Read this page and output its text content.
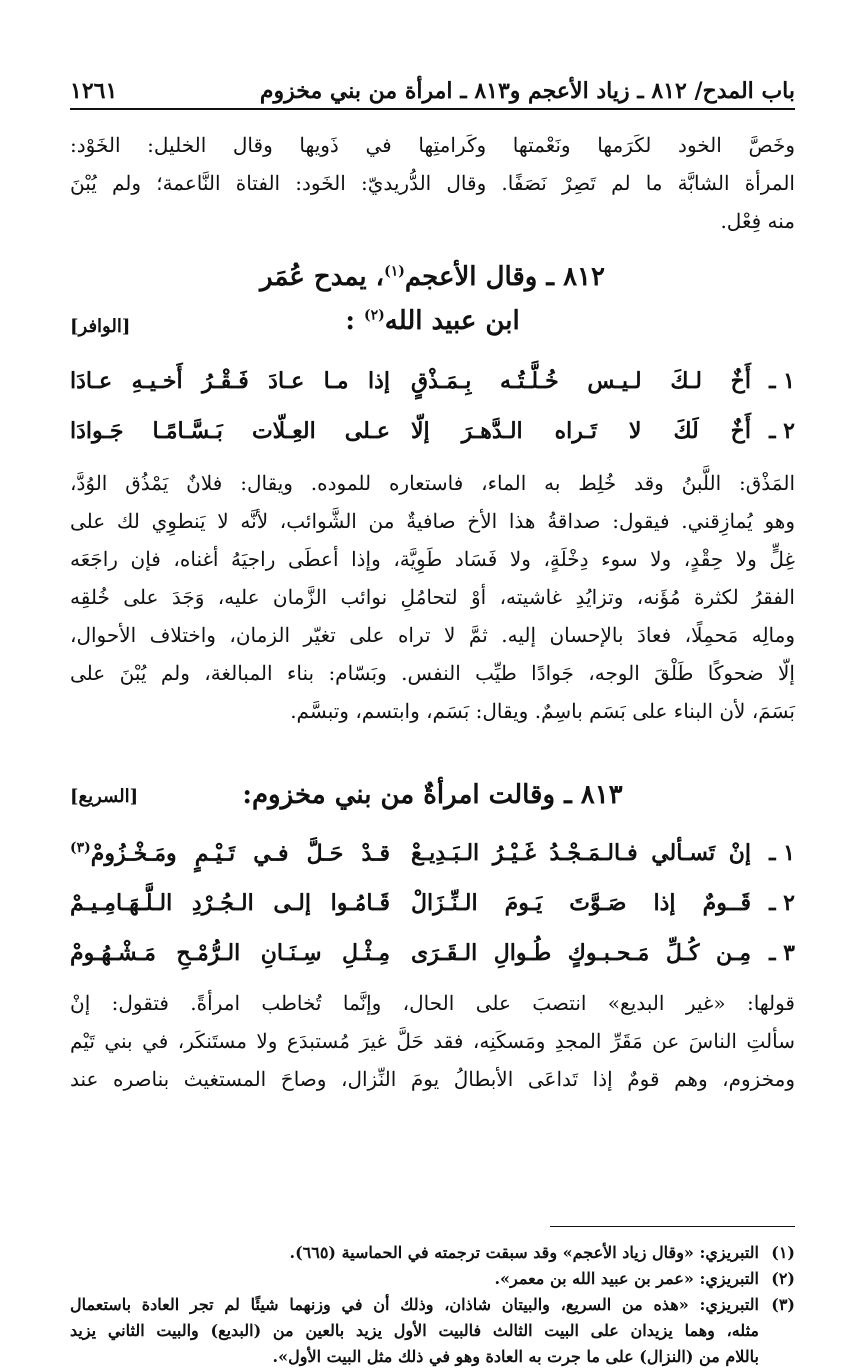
باب المدح/ ٨١٢ ـ زياد الأعجم و٨١٣ ـ امرأة من بني مخزوم
١٢٦١
وخَصَّ الخود لكَرَمها ونَعْمتها وكَرامتِها في ذَويها وقال الخليل: الخَوْد:
المرأة الشابَّة ما لم تَصِرْ نَصَفًا. وقال الدُّريديّ: الخَود: الفتاة النَّاعمة؛ ولم يُبْنَ
منه فِعْل.
٨١٢ ـ وقال الأعجم$^{(١)}$، يمدح عُمَر
ابن عبيد الله$^{(٢)}$ :
[الوافر]
١ ـ
أَخٌ لـكَ لـيـس خُـلَّـتُـه بِـمَـذْقٍ
إذا مـا عـادَ فَـقْـرُ أَخـيـهِ عـادَا
٢ ـ
أَخٌ لَكَ لا تَـراه الـدَّهـرَ إلّا
عـلى العِـلّات بَـسَّـامًـا جَـوادَا
المَذْق: اللَّبنُ وقد خُلِط به الماء، فاستعاره للموده. ويقال: فلانٌ يَمْذُق الوُدَّ،
وهو يُمازِقني. فيقول: صداقةُ هذا الأخ صافيةٌ من الشَّوائب، لأنَّه لا يَنطوِي لك على
غِلٍّ ولا حِقْدٍ، ولا سوء دِخْلَةٍ، ولا فَسَاد طَوِيَّة، وإذا أعطَى راجيَهُ أغناه، فإن راجَعَه
الفقرُ لكثرة مُؤَنه، وتزايُدِ غاشيته، أوْ لتحامُلِ نوائب الزَّمان عليه، وَجَدَ على خُلقِه
ومالِه مَحمِلًا، فعادَ بالإحسان إليه. ثمَّ لا تراه على تغيّر الزمان، واختلاف الأحوال،
إلّا ضحوكًا طَلْقَ الوجه، جَوادًا طيِّب النفس. وبَسّام: بناء المبالغة، ولم يُبْنَ على
بَسَمَ، لأن البناء على بَسَم باسِمٌ. ويقال: بَسَم، وابتسم، وتبسَّم.
٨١٣ ـ وقالت امرأةٌ من بني مخزوم:
[السريع]
١ ـ
إنْ تَسـألي فـالـمَـجْـدُ غَـيْـرُ الـبَـدِيـعْ
قـدْ حَـلَّ فـي تَـيْـمٍ ومَـخْـزُومْ$^{(٣)}$
٢ ـ
قَــومٌ إذا صَـوَّتَ يَـومَ الـنِّـزَالْ
قَـامُـوا إلـى الـجُـرْدِ الـلَّـهَـامِـيـمْ
٣ ـ
مِـن كُـلِّ مَـحـبـوكٍ طُـوالِ الـقَـرَى
مِـثْـلِ سِـنَـانِ الـرُّمْـحِ مَـشْـهُـومْ
قولها: «غير البديع» انتصبَ على الحال، وإنَّما تُخاطب امرأةً. فتقول: إنْ
سألتِ الناسَ عن مَقَرِّ المجدِ ومَسكَنِه، فقد حَلَّ غيرَ مُستبدَع ولا مستَنكَر، في بني تَيْم
ومخزوم، وهم قومٌ إذا تَداعَى الأبطالُ يومَ النِّزال، وصاحَ المستغيث بناصره عند
(١)
التبريزي: «وقال زياد الأعجم» وقد سبقت ترجمته في الحماسية (٦٦٥).
(٢)
التبريزي: «عمر بن عبيد الله بن معمر».
(٣)
التبريزي: «هذه من السريع، والبيتان شاذان، وذلك أن في وزنهما شيئًا لم تجر العادة باستعمال
مثله، وهما يزيدان على البيت الثالث فالبيت الأول يزيد بالعين من (البديع) والبيت الثاني يزيد
باللام من (النزال) على ما جرت به العادة وهو في ذلك مثل البيت الأول».
